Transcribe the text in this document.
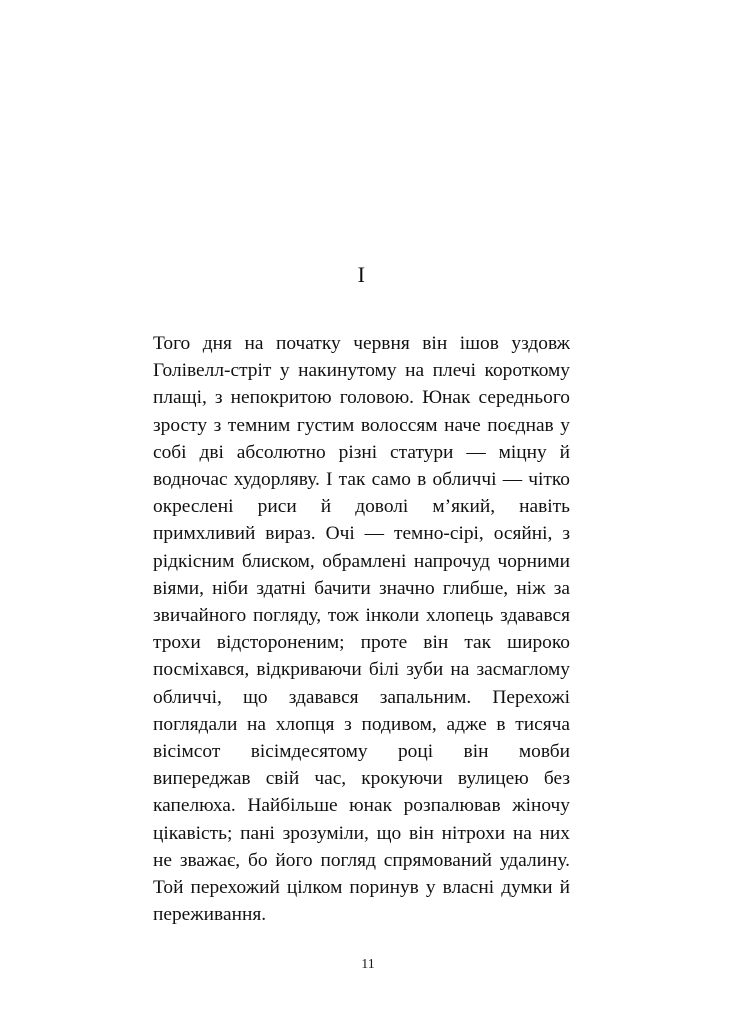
I

Того дня на початку червня він ішов уздовж Голівелл-стріт у накинутому на плечі короткому плащі, з непокритою головою. Юнак середнього зросту з темним густим волоссям наче поєднав у собі дві абсолютно різні статури — міцну й водночас худорляву. І так само в обличчі — чітко окреслені риси й доволі м’який, навіть примхливий вираз. Очі — темно-сірі, осяйні, з рідкісним блиском, обрамлені напрочуд чорними віями, ніби здатні бачити значно глибше, ніж за звичайного погляду, тож інколи хлопець здавався трохи відстороненим; проте він так широко посміхався, відкриваючи білі зуби на засмаглому обличчі, що здавався запальним. Перехожі поглядали на хлопця з подивом, адже в тисяча вісімсот вісімдесятому році він мовби випереджав свій час, крокуючи вулицею без капелюха. Найбільше юнак розпалював жіночу цікавість; пані зрозуміли, що він нітрохи на них не зважає, бо його погляд спрямований удалину. Той перехожий цілком поринув у власні думки й переживання.

11
